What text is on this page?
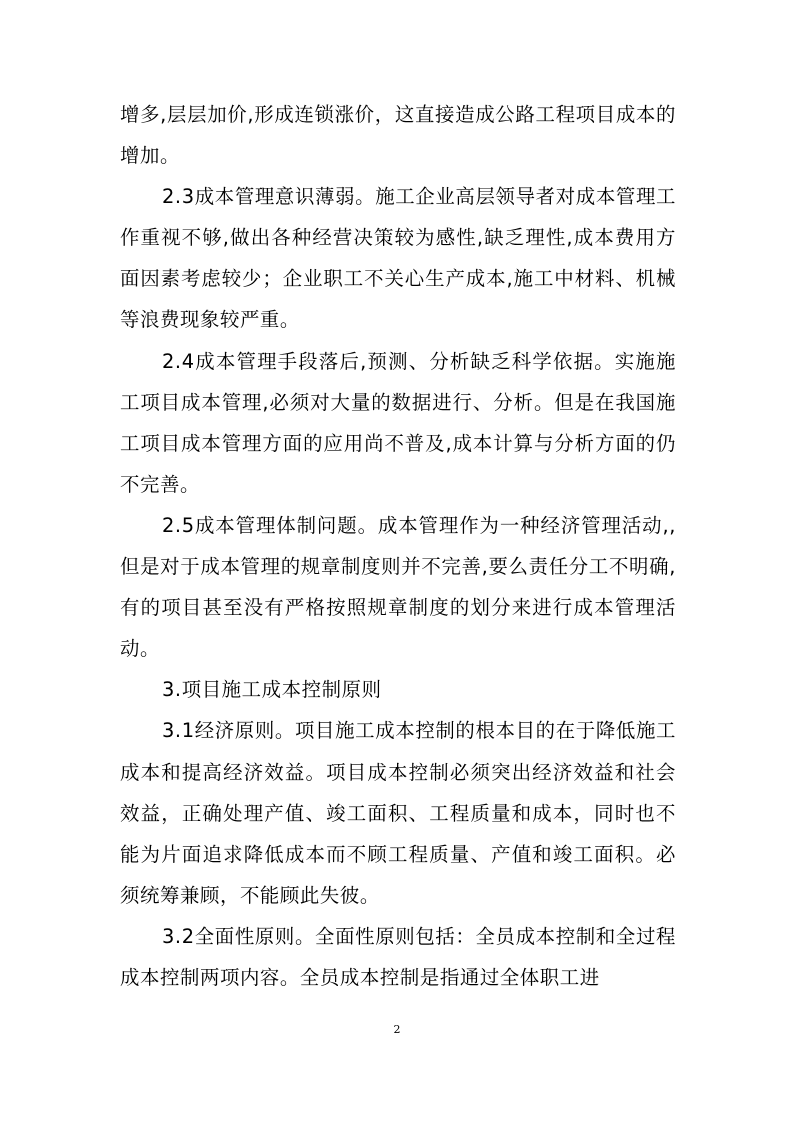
增多,层层加价,形成连锁涨价，这直接造成公路工程项目成本的增加。

2.3成本管理意识薄弱。施工企业高层领导者对成本管理工作重视不够,做出各种经营决策较为感性,缺乏理性,成本费用方面因素考虑较少；企业职工不关心生产成本,施工中材料、机械等浪费现象较严重。

2.4成本管理手段落后,预测、分析缺乏科学依据。实施施工项目成本管理,必须对大量的数据进行、分析。但是在我国施工项目成本管理方面的应用尚不普及,成本计算与分析方面的仍不完善。

2.5成本管理体制问题。成本管理作为一种经济管理活动,,但是对于成本管理的规章制度则并不完善,要么责任分工不明确,有的项目甚至没有严格按照规章制度的划分来进行成本管理活动。

3.项目施工成本控制原则

3.1经济原则。项目施工成本控制的根本目的在于降低施工成本和提高经济效益。项目成本控制必须突出经济效益和社会效益，正确处理产值、竣工面积、工程质量和成本，同时也不能为片面追求降低成本而不顾工程质量、产值和竣工面积。必须统筹兼顾，不能顾此失彼。

3.2全面性原则。全面性原则包括：全员成本控制和全过程成本控制两项内容。全员成本控制是指通过全体职工进

2
